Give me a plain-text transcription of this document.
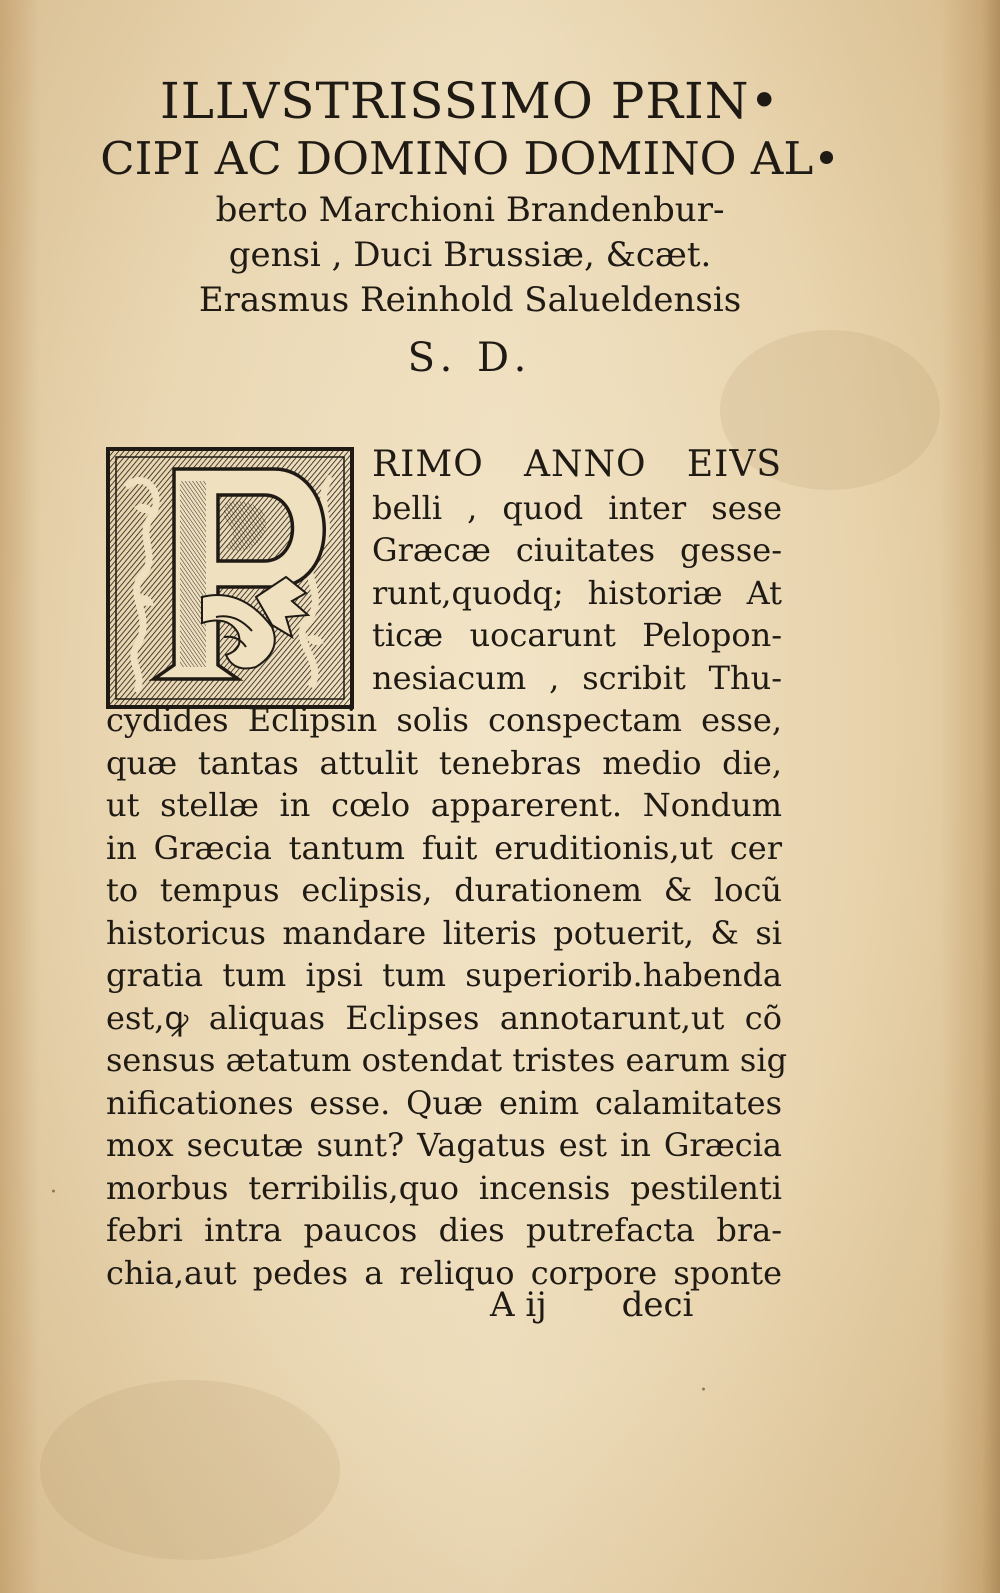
ILLVSTRISSIMO PRIN•
CIPI AC DOMINO DOMINO AL•
berto Marchioni Brandenbur-
gensi , Duci Brussiæ, &cæt.
Erasmus Reinhold Salueldensis
S. D.
RIMO ANNO EIVS
belli , quod inter sese
Græcæ ciuitates gesse-
runt,quodq; historiæ At
ticæ uocarunt Pelopon-
nesiacum , scribit Thu-
cydides Eclipsin solis conspectam esse,
quæ tantas attulit tenebras medio die,
ut stellæ in cœlo apparerent. Nondum
in Græcia tantum fuit eruditionis,ut cer
to tempus eclipsis, durationem & locũ
historicus mandare literis potuerit, & si
gratia tum ipsi tum superiorib.habenda
est,ꝙ aliquas Eclipses annotarunt,ut cõ
sensus ætatum ostendat tristes earum sig
nificationes esse. Quæ enim calamitates
mox secutæ sunt? Vagatus est in Græcia
morbus terribilis,quo incensis pestilenti
febri intra paucos dies putrefacta bra-
chia,aut pedes a reliquo corpore sponte
A ij deci
·
·
